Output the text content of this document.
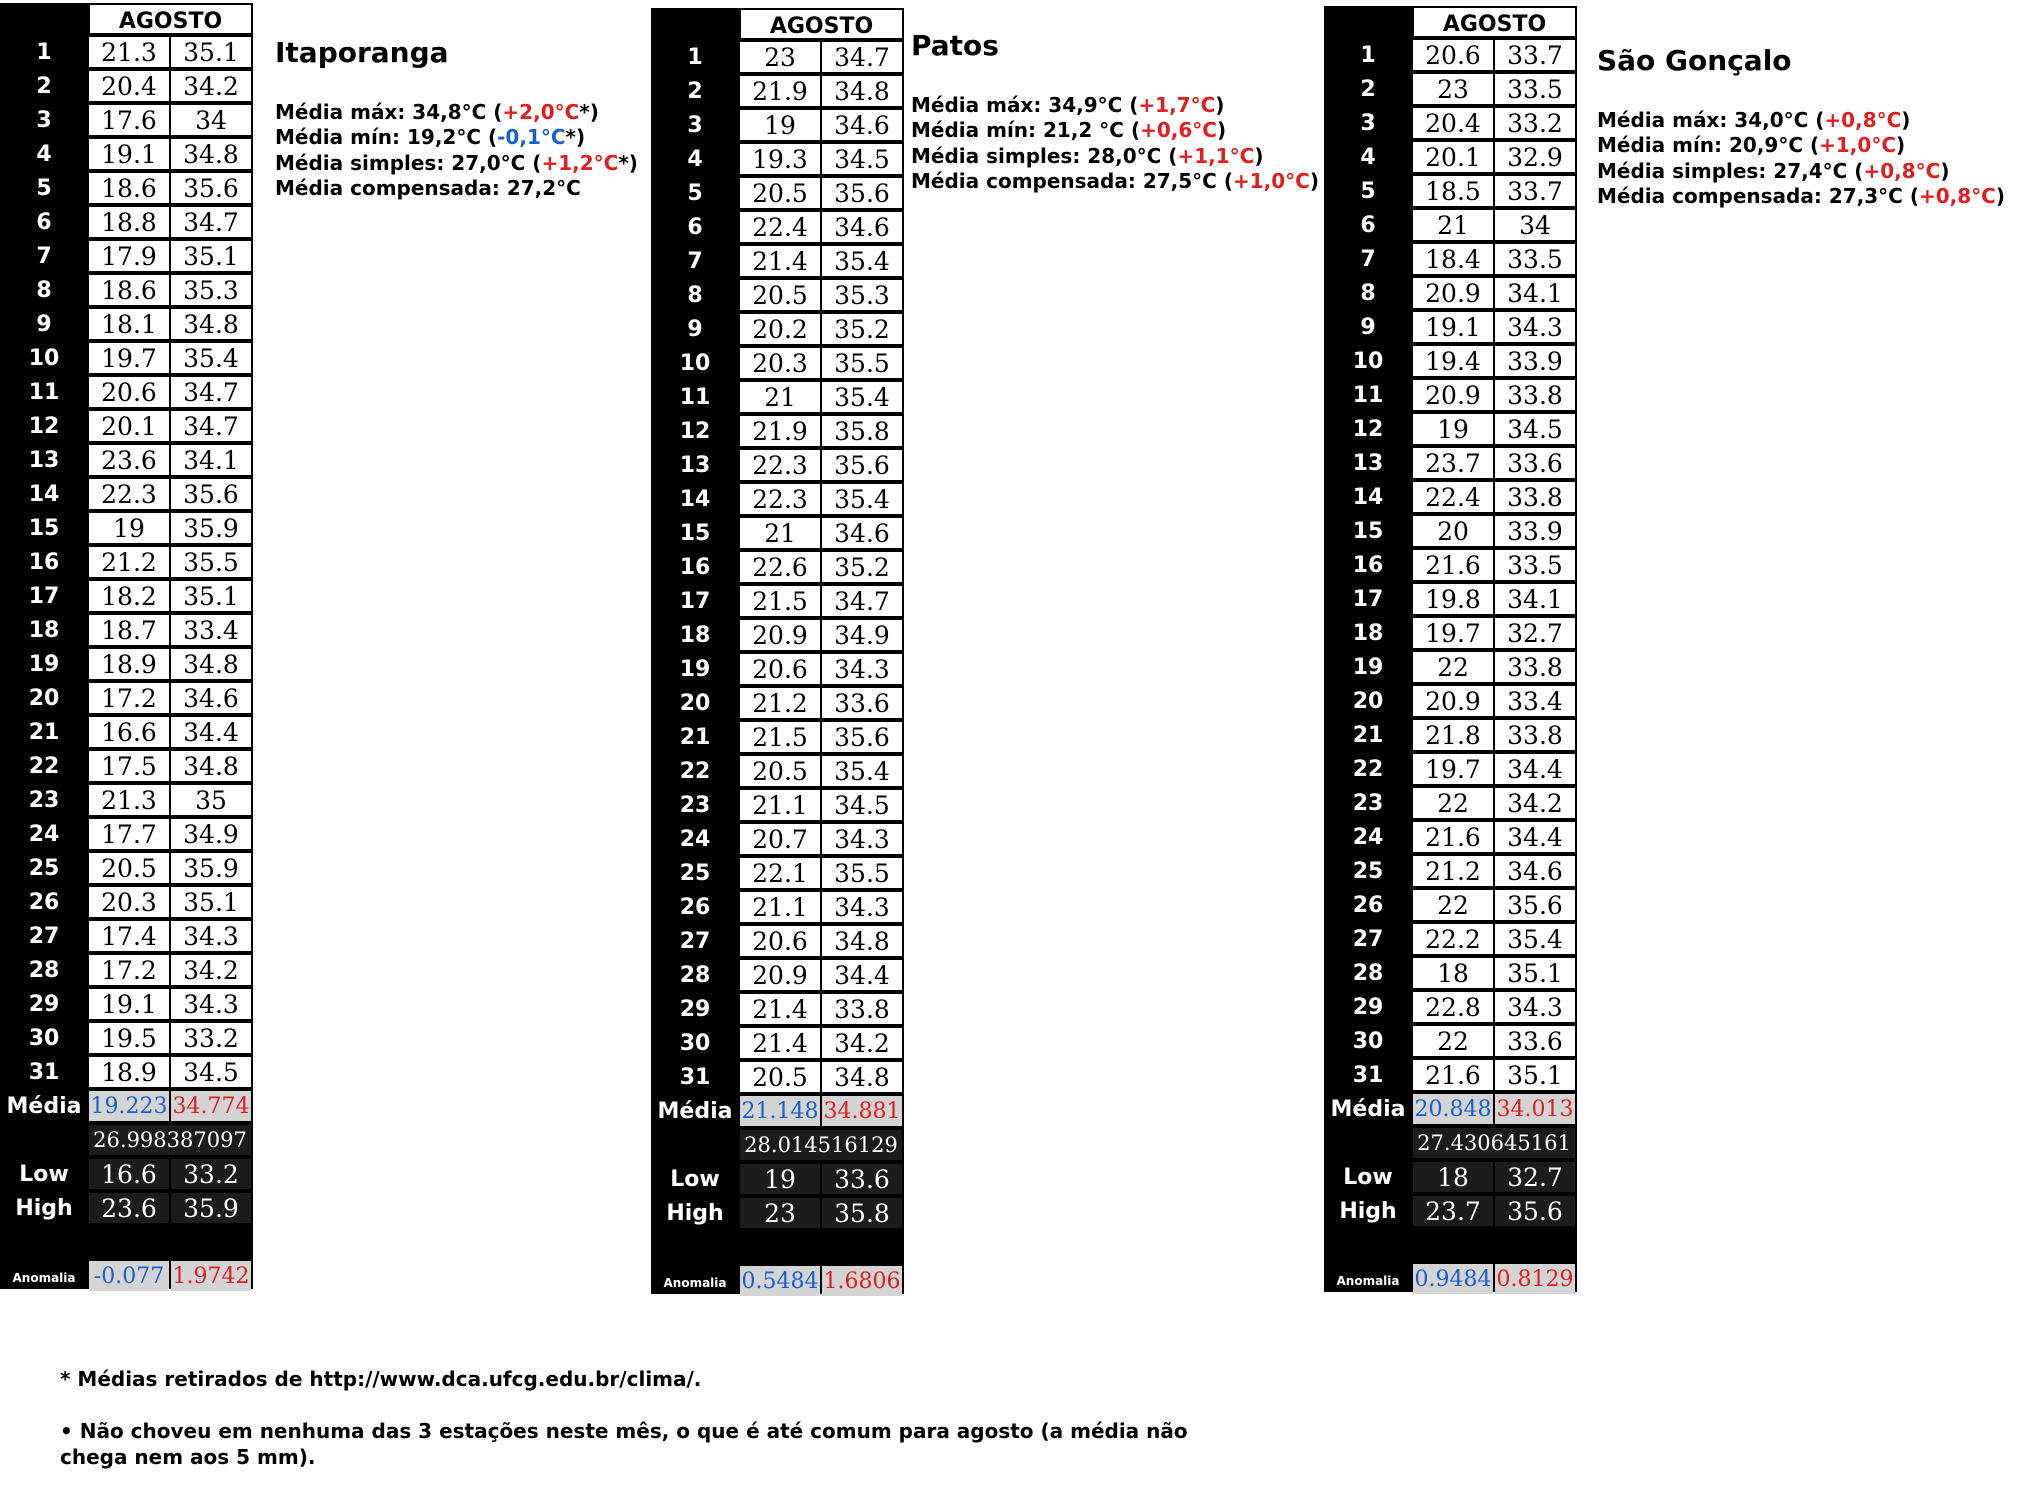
AGOSTO
1	21.3	35.1
2	20.4	34.2
3	17.6	34
4	19.1	34.8
5	18.6	35.6
6	18.8	34.7
7	17.9	35.1
8	18.6	35.3
9	18.1	34.8
10	19.7	35.4
11	20.6	34.7
12	20.1	34.7
13	23.6	34.1
14	22.3	35.6
15	19	35.9
16	21.2	35.5
17	18.2	35.1
18	18.7	33.4
19	18.9	34.8
20	17.2	34.6
21	16.6	34.4
22	17.5	34.8
23	21.3	35
24	17.7	34.9
25	20.5	35.9
26	20.3	35.1
27	17.4	34.3
28	17.2	34.2
29	19.1	34.3
30	19.5	33.2
31	18.9	34.5
Média 19.223 34.774
26.998387097
Low	16.6	33.2
High	23.6	35.9
Anomalia -0.077 1.9742
Itaporanga
Média máx: 34,8°C (+2,0°C*)
Média mín: 19,2°C (-0,1°C*)
Média simples: 27,0°C (+1,2°C*)
Média compensada: 27,2°C
AGOSTO
1	23	34.7
2	21.9	34.8
3	19	34.6
4	19.3	34.5
5	20.5	35.6
6	22.4	34.6
7	21.4	35.4
8	20.5	35.3
9	20.2	35.2
10	20.3	35.5
11	21	35.4
12	21.9	35.8
13	22.3	35.6
14	22.3	35.4
15	21	34.6
16	22.6	35.2
17	21.5	34.7
18	20.9	34.9
19	20.6	34.3
20	21.2	33.6
21	21.5	35.6
22	20.5	35.4
23	21.1	34.5
24	20.7	34.3
25	22.1	35.5
26	21.1	34.3
27	20.6	34.8
28	20.9	34.4
29	21.4	33.8
30	21.4	34.2
31	20.5	34.8
Média 21.148 34.881
28.014516129
Low	19	33.6
High	23	35.8
Anomalia 0.5484 1.6806
Patos
Média máx: 34,9°C (+1,7°C)
Média mín: 21,2 °C (+0,6°C)
Média simples: 28,0°C (+1,1°C)
Média compensada: 27,5°C (+1,0°C)
AGOSTO
1	20.6	33.7
2	23	33.5
3	20.4	33.2
4	20.1	32.9
5	18.5	33.7
6	21	34
7	18.4	33.5
8	20.9	34.1
9	19.1	34.3
10	19.4	33.9
11	20.9	33.8
12	19	34.5
13	23.7	33.6
14	22.4	33.8
15	20	33.9
16	21.6	33.5
17	19.8	34.1
18	19.7	32.7
19	22	33.8
20	20.9	33.4
21	21.8	33.8
22	19.7	34.4
23	22	34.2
24	21.6	34.4
25	21.2	34.6
26	22	35.6
27	22.2	35.4
28	18	35.1
29	22.8	34.3
30	22	33.6
31	21.6	35.1
Média 20.848 34.013
27.430645161
Low	18	32.7
High	23.7	35.6
Anomalia 0.9484 0.8129
São Gonçalo
Média máx: 34,0°C (+0,8°C)
Média mín: 20,9°C (+1,0°C)
Média simples: 27,4°C (+0,8°C)
Média compensada: 27,3°C (+0,8°C)
* Médias retirados de http://www.dca.ufcg.edu.br/clima/.
• Não choveu em nenhuma das 3 estações neste mês, o que é até comum para agosto (a média não chega nem aos 5 mm).
